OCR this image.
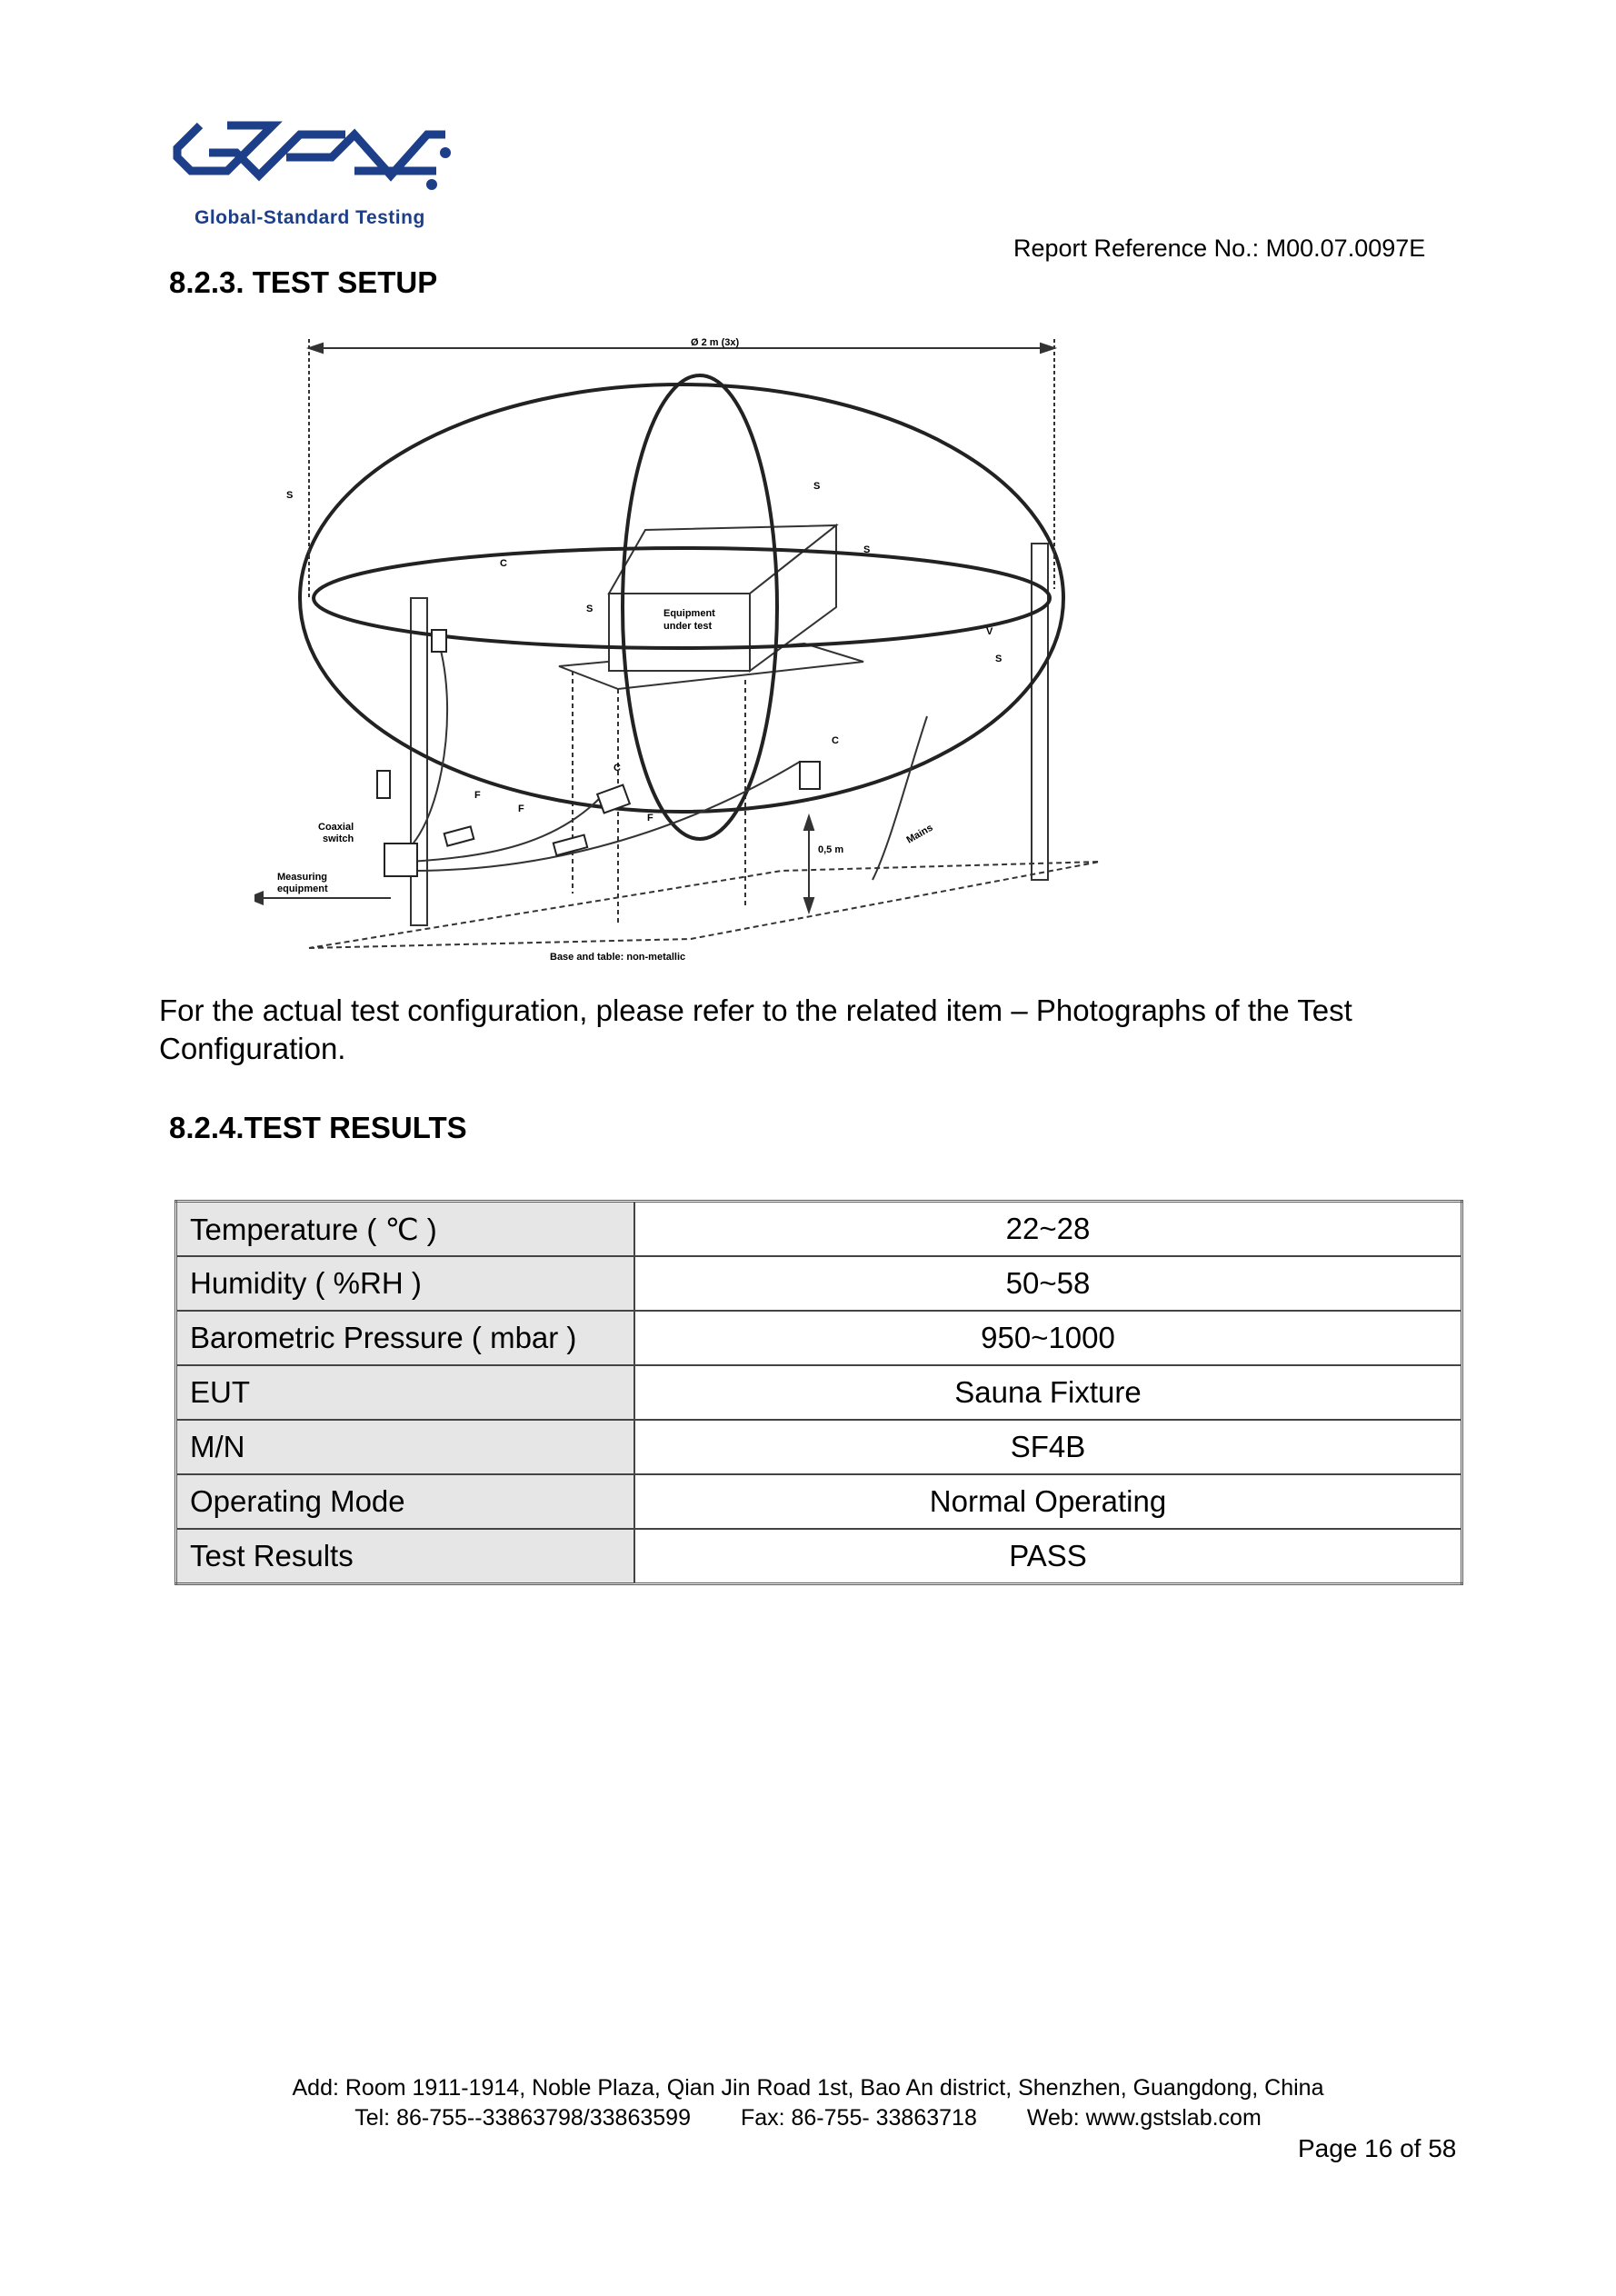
Global-Standard Testing
Report Reference No.: M00.07.0097E
8.2.3. TEST SETUP
Ø 2 m (3x)
Equipment
under test
Coaxial
switch
Measuring
equipment
0,5 m
Mains
Base and table: non-metallic
S
S
S
S
S
C
C
C
F
F
F
V
For the actual test configuration, please refer to the related item – Photographs of the Test Configuration.
8.2.4.TEST RESULTS
Temperature ( ℃ )	22~28
Humidity ( %RH )	50~58
Barometric Pressure ( mbar )	950~1000
EUT	Sauna Fixture
M/N	SF4B
Operating Mode	Normal Operating
Test Results	PASS
Add: Room 1911-1914, Noble Plaza, Qian Jin Road 1st, Bao An district, Shenzhen, Guangdong, China
Tel: 86-755--33863798/33863599 Fax: 86-755- 33863718 Web: www.gstslab.com
Page 16 of 58
